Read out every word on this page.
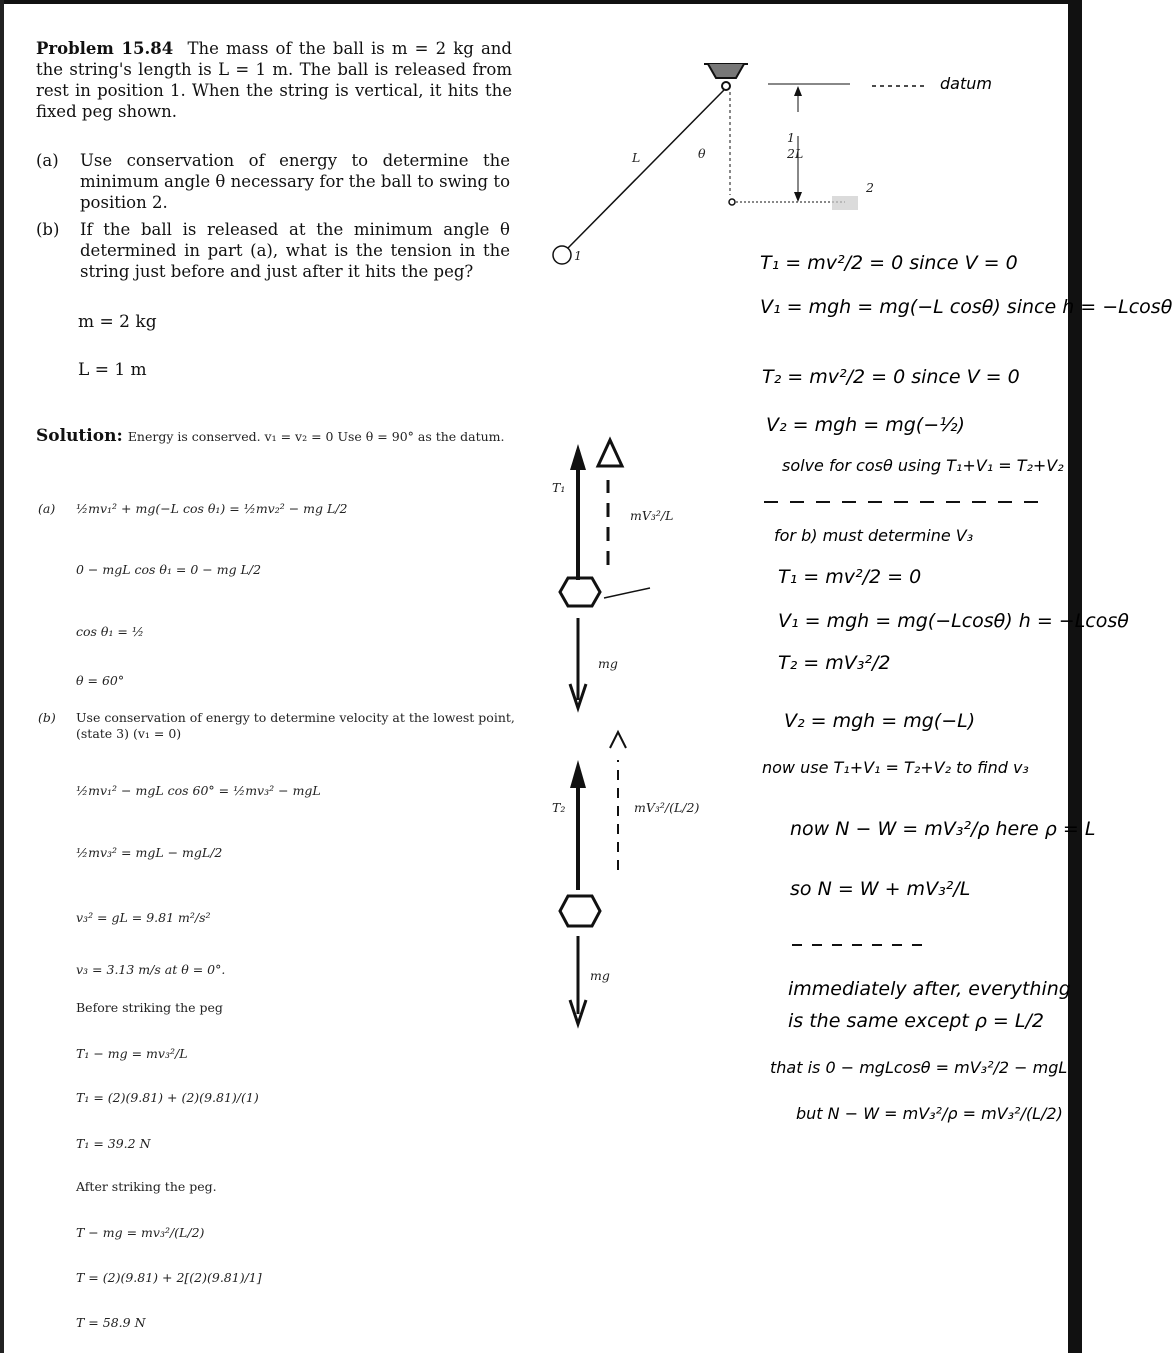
Problem 15.84 The mass of the ball is m = 2 kg and the string's length is L = 1 m. The ball is released from rest in position 1. When the string is vertical, it hits the fixed peg shown.
(a) Use conservation of energy to determine the minimum angle θ necessary for the ball to swing to position 2.
(b) If the ball is released at the minimum angle θ determined in part (a), what is the tension in the string just before and just after it hits the peg?
m = 2 kg
L = 1 m
Solution: Energy is conserved. v₁ = v₂ = 0 Use θ = 90° as the datum.
(a) ½mv₁² + mg(−L cos θ₁) = ½mv₂² − mg L/2
0 − mgL cos θ₁ = 0 − mg L/2
cos θ₁ = ½
θ = 60°
(b) Use conservation of energy to determine velocity at the lowest point, (state 3) (v₁ = 0)
½mv₁² − mgL cos 60° = ½mv₃² − mgL
½mv₃² = mgL − mgL/2
v₃² = gL = 9.81 m²/s²
v₃ = 3.13 m/s at θ = 0°.
Before striking the peg
T₁ − mg = mv₃²/L
T₁ = (2)(9.81) + (2)(9.81)/(1)
T₁ = 39.2 N
After striking the peg.
T − mg = mv₃²/(L/2)
T = (2)(9.81) + 2[(2)(9.81)/1]
T = 58.9 N
datum
L	θ
1
2L
1
2
T₁
mV₃²/L
mg
T₂	mV₃²/(L/2)
mg
T₁ = mv²/2 = 0 since V = 0
V₁ = mgh = mg(−L cosθ) since h = −Lcosθ
T₂ = mv²/2 = 0 since V = 0
V₂ = mgh = mg(−½)
solve for cosθ using T₁+V₁ = T₂+V₂
for b) must determine V₃
T₁ = mv²/2 = 0
V₁ = mgh = mg(−Lcosθ) h = −Lcosθ
T₂ = mV₃²/2
V₂ = mgh = mg(−L)
now use T₁+V₁ = T₂+V₂ to find v₃
now N − W = mV₃²/ρ here ρ = L
so N = W + mV₃²/L
immediately after, everything
is the same except ρ = L/2
that is 0 − mgLcosθ = mV₃²/2 − mgL
but N − W = mV₃²/ρ = mV₃²/(L/2)
